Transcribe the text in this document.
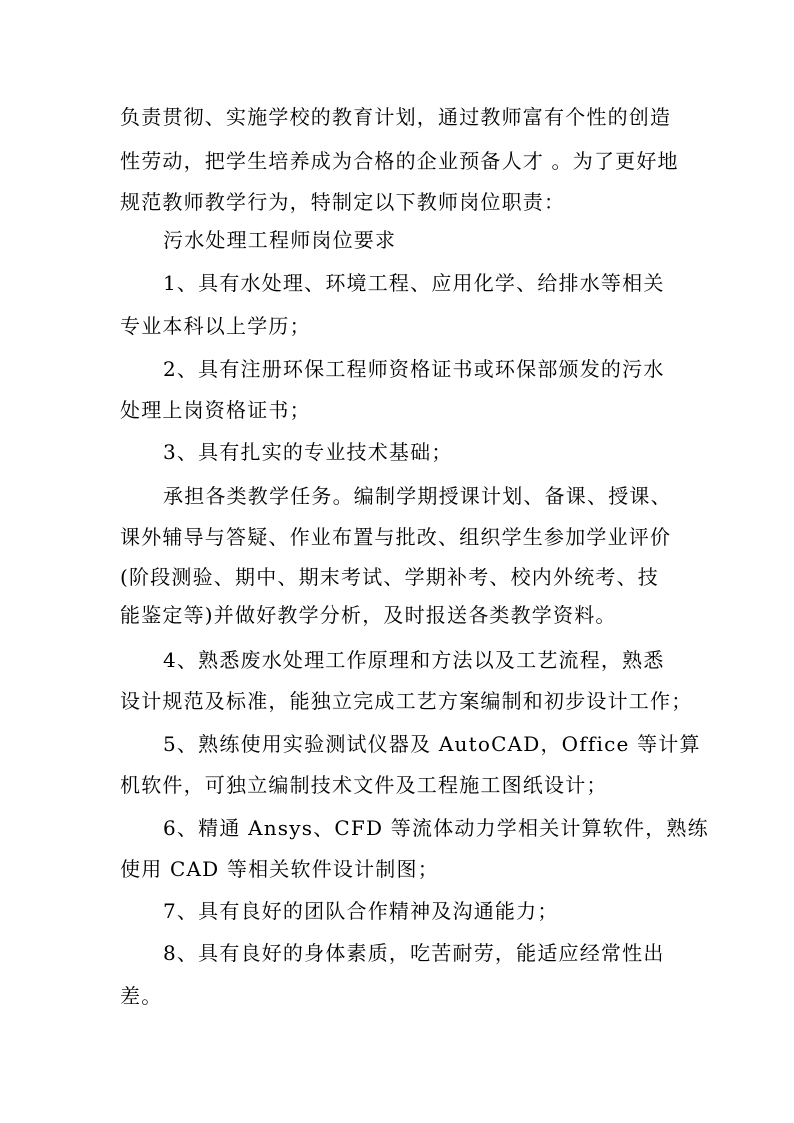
负责贯彻、实施学校的教育计划，通过教师富有个性的创造
性劳动，把学生培养成为合格的企业预备人才 。为了更好地
规范教师教学行为，特制定以下教师岗位职责：
污水处理工程师岗位要求
1、具有水处理、环境工程、应用化学、给排水等相关
专业本科以上学历；
2、具有注册环保工程师资格证书或环保部颁发的污水
处理上岗资格证书；
3、具有扎实的专业技术基础；
承担各类教学任务。编制学期授课计划、备课、授课、
课外辅导与答疑、作业布置与批改、组织学生参加学业评价
(阶段测验、期中、期末考试、学期补考、校内外统考、技
能鉴定等)并做好教学分析，及时报送各类教学资料。
4、熟悉废水处理工作原理和方法以及工艺流程，熟悉
设计规范及标准，能独立完成工艺方案编制和初步设计工作；
5、熟练使用实验测试仪器及 AutoCAD，Office 等计算
机软件，可独立编制技术文件及工程施工图纸设计；
6、精通 Ansys、CFD 等流体动力学相关计算软件，熟练
使用 CAD 等相关软件设计制图；
7、具有良好的团队合作精神及沟通能力；
8、具有良好的身体素质，吃苦耐劳，能适应经常性出
差。
